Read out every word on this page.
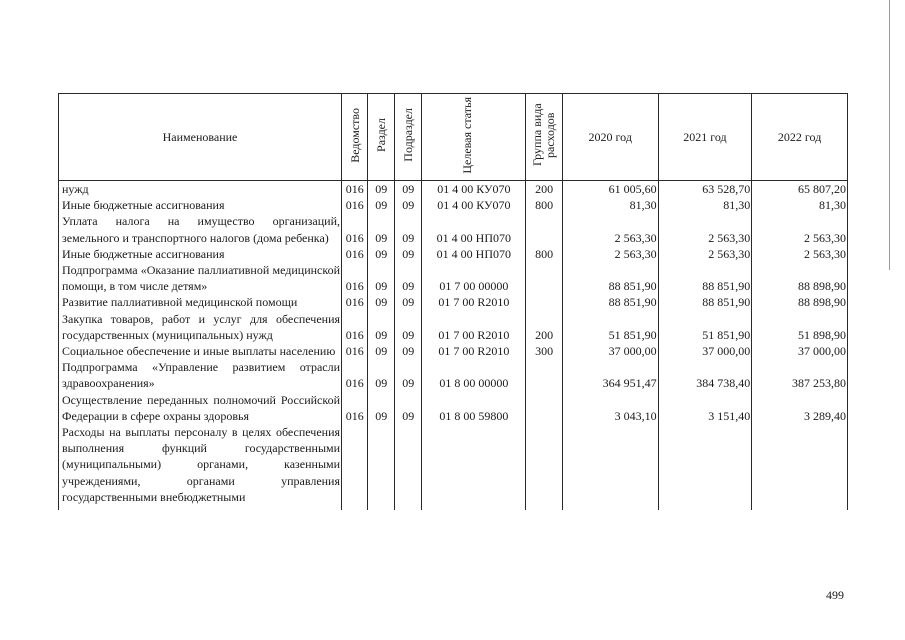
Наименование	Ведомство	Раздел	Подраздел	Целевая статья	Группа вида расходов	2020 год	2021 год	2022 год
нужд	016	09	09	01 4 00 КУ070	200	61 005,60	63 528,70	65 807,20
Иные бюджетные ассигнования	016	09	09	01 4 00 КУ070	800	81,30	81,30	81,30
Уплата налога на имущество организаций, земельного и транспортного налогов (дома ребенка)	016	09	09	01 4 00 НП070		2 563,30	2 563,30	2 563,30
Иные бюджетные ассигнования	016	09	09	01 4 00 НП070	800	2 563,30	2 563,30	2 563,30
Подпрограмма «Оказание паллиативной медицинской помощи, в том числе детям»	016	09	09	01 7 00 00000		88 851,90	88 851,90	88 898,90
Развитие паллиативной медицинской помощи	016	09	09	01 7 00 R2010		88 851,90	88 851,90	88 898,90
Закупка товаров, работ и услуг для обеспечения государственных (муниципальных) нужд	016	09	09	01 7 00 R2010	200	51 851,90	51 851,90	51 898,90
Социальное обеспечение и иные выплаты населению	016	09	09	01 7 00 R2010	300	37 000,00	37 000,00	37 000,00
Подпрограмма «Управление развитием отрасли здравоохранения»	016	09	09	01 8 00 00000		364 951,47	384 738,40	387 253,80
Осуществление переданных полномочий Российской Федерации в сфере охраны здоровья	016	09	09	01 8 00 59800		3 043,10	3 151,40	3 289,40
Расходы на выплаты персоналу в целях обеспечения выполнения функций государственными (муниципальными) органами, казенными учреждениями, органами управления государственными внебюджетными								
499
